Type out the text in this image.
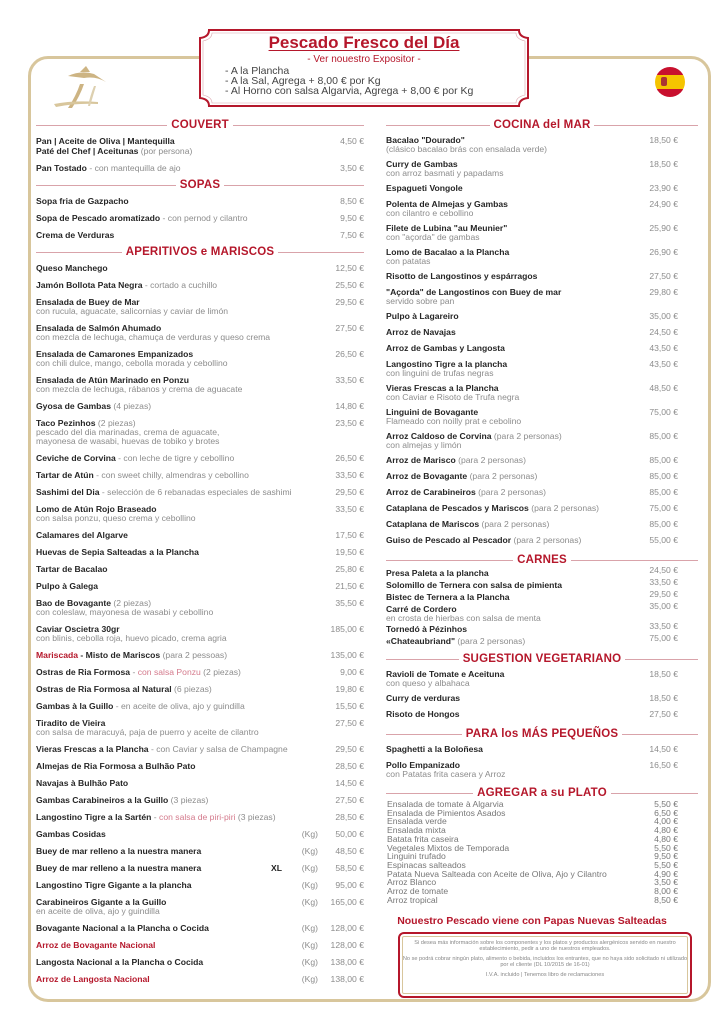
Pescado Fresco del Día
- Ver nouestro Expositor -
- A la Plancha
- A la Sal, Agrega + 8,00 € por Kg
- Al Horno con salsa Algarvia, Agrega + 8,00 € por Kg
COUVERT
Pan | Aceite de Oliva | Mantequilla
Paté del Chef | Aceitunas (por persona)
4,50 €
Pan Tostado - con mantequilla de ajo	3,50 €
SOPAS
Sopa fria de Gazpacho	8,50 €
Sopa de Pescado aromatizado - con pernod y cilantro	9,50 €
Crema de Verduras	7,50 €
APERITIVOS e MARISCOS
Queso Manchego	12,50 €
Jamón Bollota Pata Negra - cortado a cuchillo	25,50 €
Ensalada de Buey de Mar
con rucula, aguacate, salicornias y caviar de limón
29,50 €
Ensalada de Salmón Ahumado
con mezcla de lechuga, chamuça de verduras y queso crema
27,50 €
Ensalada de Camarones Empanizados
con chili dulce, mango, cebolla morada y cebollino
26,50 €
Ensalada de Atún Marinado en Ponzu
con mezcla de lechuga, rábanos y crema de aguacate
33,50 €
Gyosa de Gambas (4 piezas)	14,80 €
Taco Pezinhos (2 piezas)
pescado del dia marinadas, crema de aguacate,
mayonesa de wasabi, huevas de tobiko y brotes
23,50 €
Ceviche de Corvina - con leche de tigre y cebollino	26,50 €
Tartar de Atún - con sweet chilly, almendras y cebollino	33,50 €
Sashimi del Dia - selección de 6 rebanadas especiales de sashimi	29,50 €
Lomo de Atún Rojo Braseado
con salsa ponzu, queso crema y cebollino
33,50 €
Calamares del Algarve	17,50 €
Huevas de Sepia Salteadas a la Plancha	19,50 €
Tartar de Bacalao	25,80 €
Pulpo à Galega	21,50 €
Bao de Bovagante (2 piezas)
con coleslaw, mayonesa de wasabi y cebollino
35,50 €
Caviar Oscietra 30gr
con blinis, cebolla roja, huevo picado, crema agria
185,00 €
Mariscada - Misto de Mariscos (para 2 pessoas)	135,00 €
Ostras de Ria Formosa - con salsa Ponzu (2 piezas)	9,00 €
Ostras de Ria Formosa al Natural (6 piezas)	19,80 €
Gambas à la Guillo - en aceite de oliva, ajo y guindilla	15,50 €
Tiradito de Vieira
con salsa de maracuyá, paja de puerro y aceite de cilantro
27,50 €
Vieras Frescas a la Plancha - con Caviar y salsa de Champagne	29,50 €
Almejas de Ria Formosa a Bulhão Pato	28,50 €
Navajas à Bulhão Pato	14,50 €
Gambas Carabineiros a la Guillo (3 piezas)	27,50 €
Langostino Tigre a la Sartén - con salsa de piri-piri (3 piezas)	28,50 €
Gambas Cosidas	(Kg) 50,00 €
Buey de mar relleno a la nuestra manera	(Kg) 48,50 €
Buey de mar relleno a la nuestra manera	XL (Kg) 58,50 €
Langostino Tigre Gigante a la plancha	(Kg) 95,00 €
Carabineiros Gigante a la Guillo
en aceite de oliva, ajo y guindilla
(Kg) 165,00 €
Bovagante Nacional a la Plancha o Cocida	(Kg) 128,00 €
Arroz de Bovagante Nacional	(Kg) 128,00 €
Langosta Nacional a la Plancha o Cocida	(Kg) 138,00 €
Arroz de Langosta Nacional	(Kg) 138,00 €
COCINA del MAR
Bacalao "Dourado"
(clásico bacalao brás con ensalada verde)
18,50 €
Curry de Gambas
con arroz basmati y papadams
18,50 €
Espagueti Vongole	23,90 €
Polenta de Almejas y Gambas
con cilantro e cebollino
24,90 €
Filete de Lubina "au Meunier"
con "açorda" de gambas
25,90 €
Lomo de Bacalao a la Plancha
con patatas
26,90 €
Risotto de Langostinos y espárragos	27,50 €
"Açorda" de Langostinos con Buey de mar
servido sobre pan
29,80 €
Pulpo à Lagareiro	35,00 €
Arroz de Navajas	24,50 €
Arroz de Gambas y Langosta	43,50 €
Langostino Tigre a la plancha
con linguini de trufas negras
43,50 €
Vieras Frescas a la Plancha
con Caviar e Risoto de Trufa negra
48,50 €
Linguini de Bovagante
Flameado con noilly prat e cebolino
75,00 €
Arroz Caldoso de Corvina (para 2 personas)
con almejas y limón
85,00 €
Arroz de Marisco (para 2 personas)	85,00 €
Arroz de Bovagante (para 2 personas)	85,00 €
Arroz de Carabineiros (para 2 personas)	85,00 €
Cataplana de Pescados y Mariscos (para 2 personas)	75,00 €
Cataplana de Mariscos (para 2 personas)	85,00 €
Guiso de Pescado al Pescador (para 2 personas)	55,00 €
CARNES
Presa Paleta a la plancha	24,50 €
Solomillo de Ternera con salsa de pimienta	33,50 €
Bistec de Ternera a la Plancha	29,50 €
Carré de Cordero
en crosta de hierbas con salsa de menta
35,00 €
Tornedó à Pézinhos	33,50 €
«Chateaubriand" (para 2 personas)	75,00 €
SUGESTION VEGETARIANO
Ravioli de Tomate e Aceituna
con queso y albahaca
18,50 €
Curry de verduras	18,50 €
Risoto de Hongos	27,50 €
PARA los MÁS PEQUEÑOS
Spaghetti a la Boloñesa	14,50 €
Pollo Empanizado
con Patatas frita casera y Arroz
16,50 €
AGREGAR a su PLATO
Ensalada de tomate à Algarvia	5,50 €
Ensalada de Pimientos Asados	6,50 €
Ensalada verde	4,00 €
Ensalada mixta	4,80 €
Batata frita caseira	4,80 €
Vegetales Mixtos de Temporada	5,50 €
Linguini trufado	9,50 €
Espinacas salteados	5,50 €
Patata Nueva Salteada con Aceite de Oliva, Ajo y Cilantro	4,90 €
Arroz Blanco	3,50 €
Arroz de tomate	8,00 €
Arroz tropical	8,50 €
Nouestro Pescado viene con Papas Nuevas Salteadas

Si desea más información sobre los componentes y los platos y productos alergénicos servido en nuestro establecimiento, pedir a uno de nuestros empleados.

No se podrá cobrar ningún plato, alimento o bebida, incluidos los entrantes, que no haya sido solicitado ni utilizado por el cliente (DL 10/2015 de 16-01)

I.V.A. incluido | Tenemos libro de reclamaciones
